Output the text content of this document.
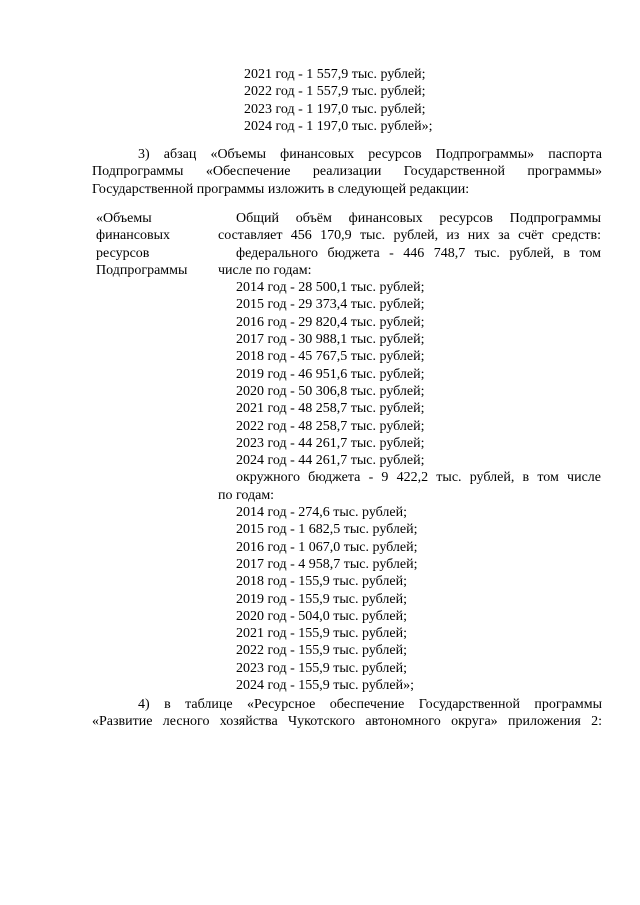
2021 год - 1 557,9 тыс. рублей;
2022 год - 1 557,9 тыс. рублей;
2023 год - 1 197,0 тыс. рублей;
2024 год - 1 197,0 тыс. рублей»;
3) абзац «Объемы финансовых ресурсов Подпрограммы» паспорта
Подпрограммы «Обеспечение реализации Государственной программы»
Государственной программы изложить в следующей редакции:
«Объемы
финансовых
ресурсов
Подпрограммы
Общий объём финансовых ресурсов Подпрограммы
составляет 456 170,9 тыс. рублей, из них за счёт средств:
федерального бюджета - 446 748,7 тыс. рублей, в том
числе по годам:
2014 год - 28 500,1 тыс. рублей;
2015 год - 29 373,4 тыс. рублей;
2016 год - 29 820,4 тыс. рублей;
2017 год - 30 988,1 тыс. рублей;
2018 год - 45 767,5 тыс. рублей;
2019 год - 46 951,6 тыс. рублей;
2020 год - 50 306,8 тыс. рублей;
2021 год - 48 258,7 тыс. рублей;
2022 год - 48 258,7 тыс. рублей;
2023 год - 44 261,7 тыс. рублей;
2024 год - 44 261,7 тыс. рублей;
окружного бюджета - 9 422,2 тыс. рублей, в том числе
по годам:
2014 год - 274,6 тыс. рублей;
2015 год - 1 682,5 тыс. рублей;
2016 год - 1 067,0 тыс. рублей;
2017 год - 4 958,7 тыс. рублей;
2018 год - 155,9 тыс. рублей;
2019 год - 155,9 тыс. рублей;
2020 год - 504,0 тыс. рублей;
2021 год - 155,9 тыс. рублей;
2022 год - 155,9 тыс. рублей;
2023 год - 155,9 тыс. рублей;
2024 год - 155,9 тыс. рублей»;
4) в таблице «Ресурсное обеспечение Государственной программы
«Развитие лесного хозяйства Чукотского автономного округа» приложения 2:
